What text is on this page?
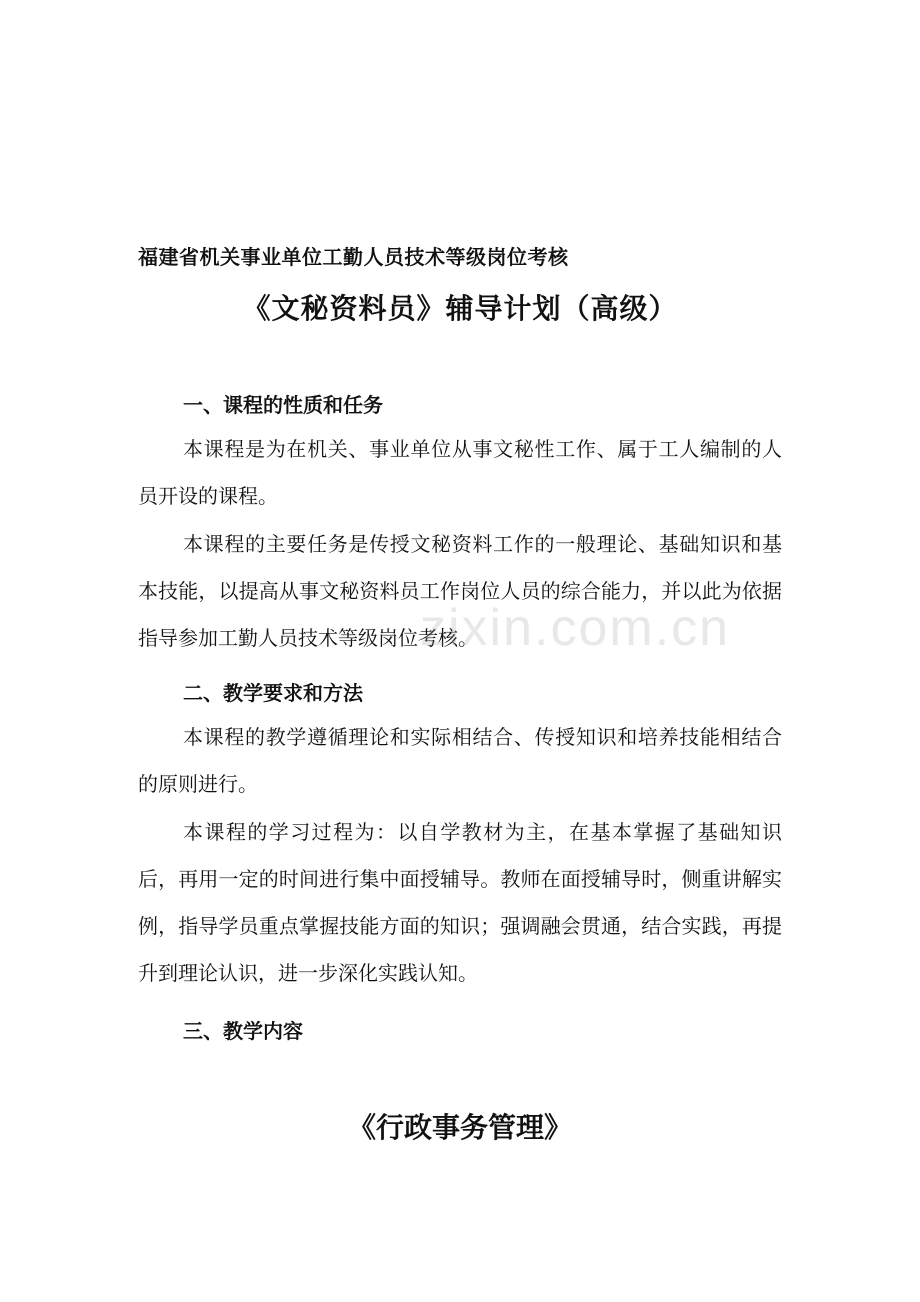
福建省机关事业单位工勤人员技术等级岗位考核
《文秘资料员》辅导计划（高级）
一、课程的性质和任务
本课程是为在机关、事业单位从事文秘性工作、属于工人编制的人员开设的课程。
本课程的主要任务是传授文秘资料工作的一般理论、基础知识和基本技能，以提高从事文秘资料员工作岗位人员的综合能力，并以此为依据指导参加工勤人员技术等级岗位考核。
二、教学要求和方法
本课程的教学遵循理论和实际相结合、传授知识和培养技能相结合的原则进行。
本课程的学习过程为：以自学教材为主，在基本掌握了基础知识后，再用一定的时间进行集中面授辅导。教师在面授辅导时，侧重讲解实例，指导学员重点掌握技能方面的知识；强调融会贯通，结合实践，再提升到理论认识，进一步深化实践认知。
三、教学内容
《行政事务管理》
zixin.com.cn
